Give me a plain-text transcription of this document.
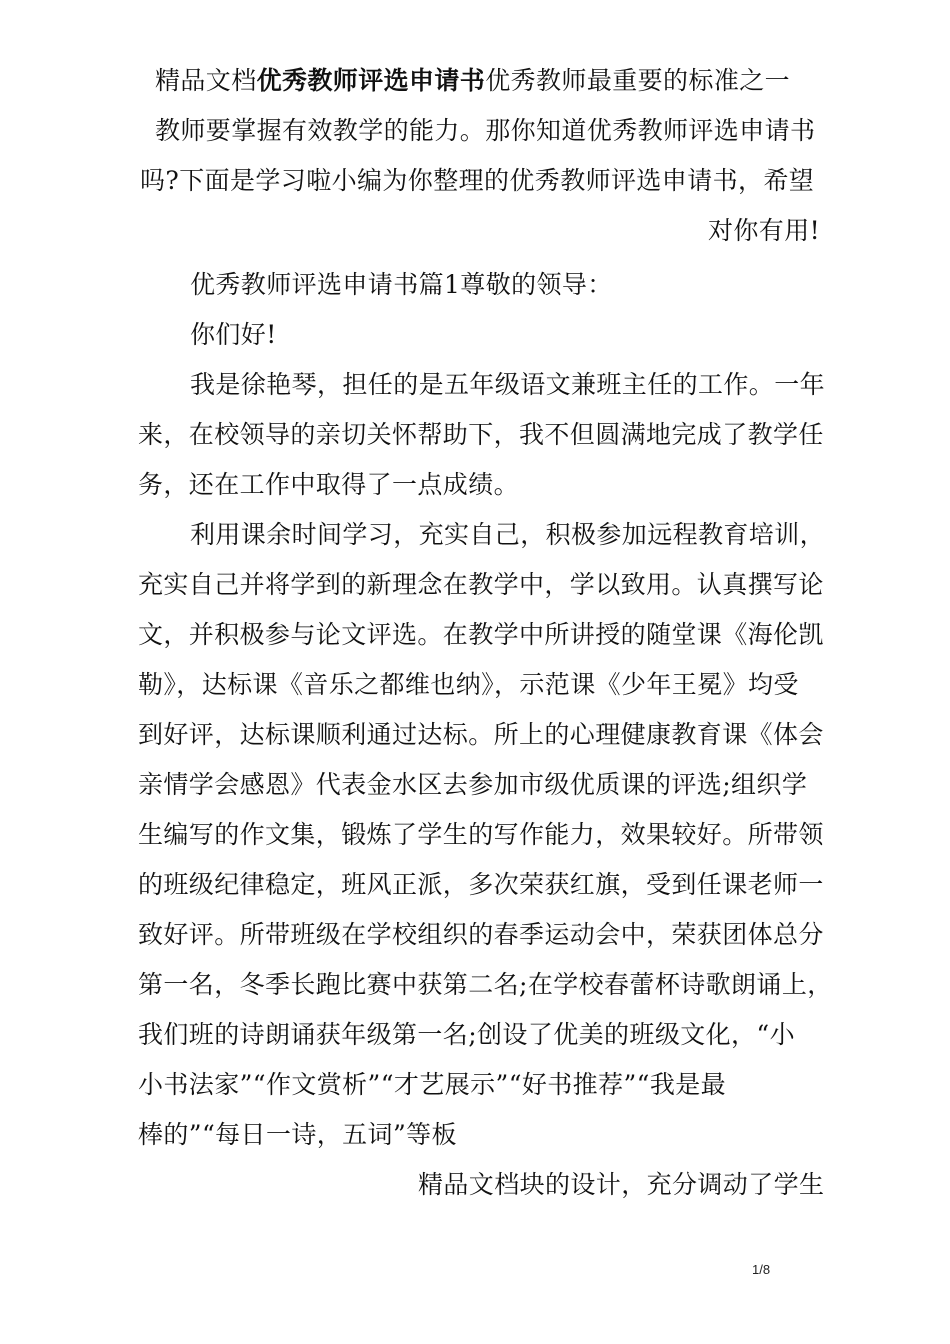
精品文档优秀教师评选申请书优秀教师最重要的标准之一
教师要掌握有效教学的能力。那你知道优秀教师评选申请书
吗?下面是学习啦小编为你整理的优秀教师评选申请书，希望
对你有用!
优秀教师评选申请书篇1尊敬的领导：
你们好!
我是徐艳琴，担任的是五年级语文兼班主任的工作。一年
来，在校领导的亲切关怀帮助下，我不但圆满地完成了教学任
务，还在工作中取得了一点成绩。
利用课余时间学习，充实自己，积极参加远程教育培训，
充实自己并将学到的新理念在教学中，学以致用。认真撰写论
文，并积极参与论文评选。在教学中所讲授的随堂课《海伦凯
勒》，达标课《音乐之都维也纳》，示范课《少年王冕》均受
到好评，达标课顺利通过达标。所上的心理健康教育课《体会
亲情学会感恩》代表金水区去参加市级优质课的评选;组织学
生编写的作文集，锻炼了学生的写作能力，效果较好。所带领
的班级纪律稳定，班风正派，多次荣获红旗，受到任课老师一
致好评。所带班级在学校组织的春季运动会中，荣获团体总分
第一名，冬季长跑比赛中获第二名;在学校春蕾杯诗歌朗诵上，
我们班的诗朗诵获年级第一名;创设了优美的班级文化，“小
小书法家”“作文赏析”“才艺展示”“好书推荐”“我是最
棒的”“每日一诗，五词”等板
精品文档块的设计，充分调动了学生
1/8
